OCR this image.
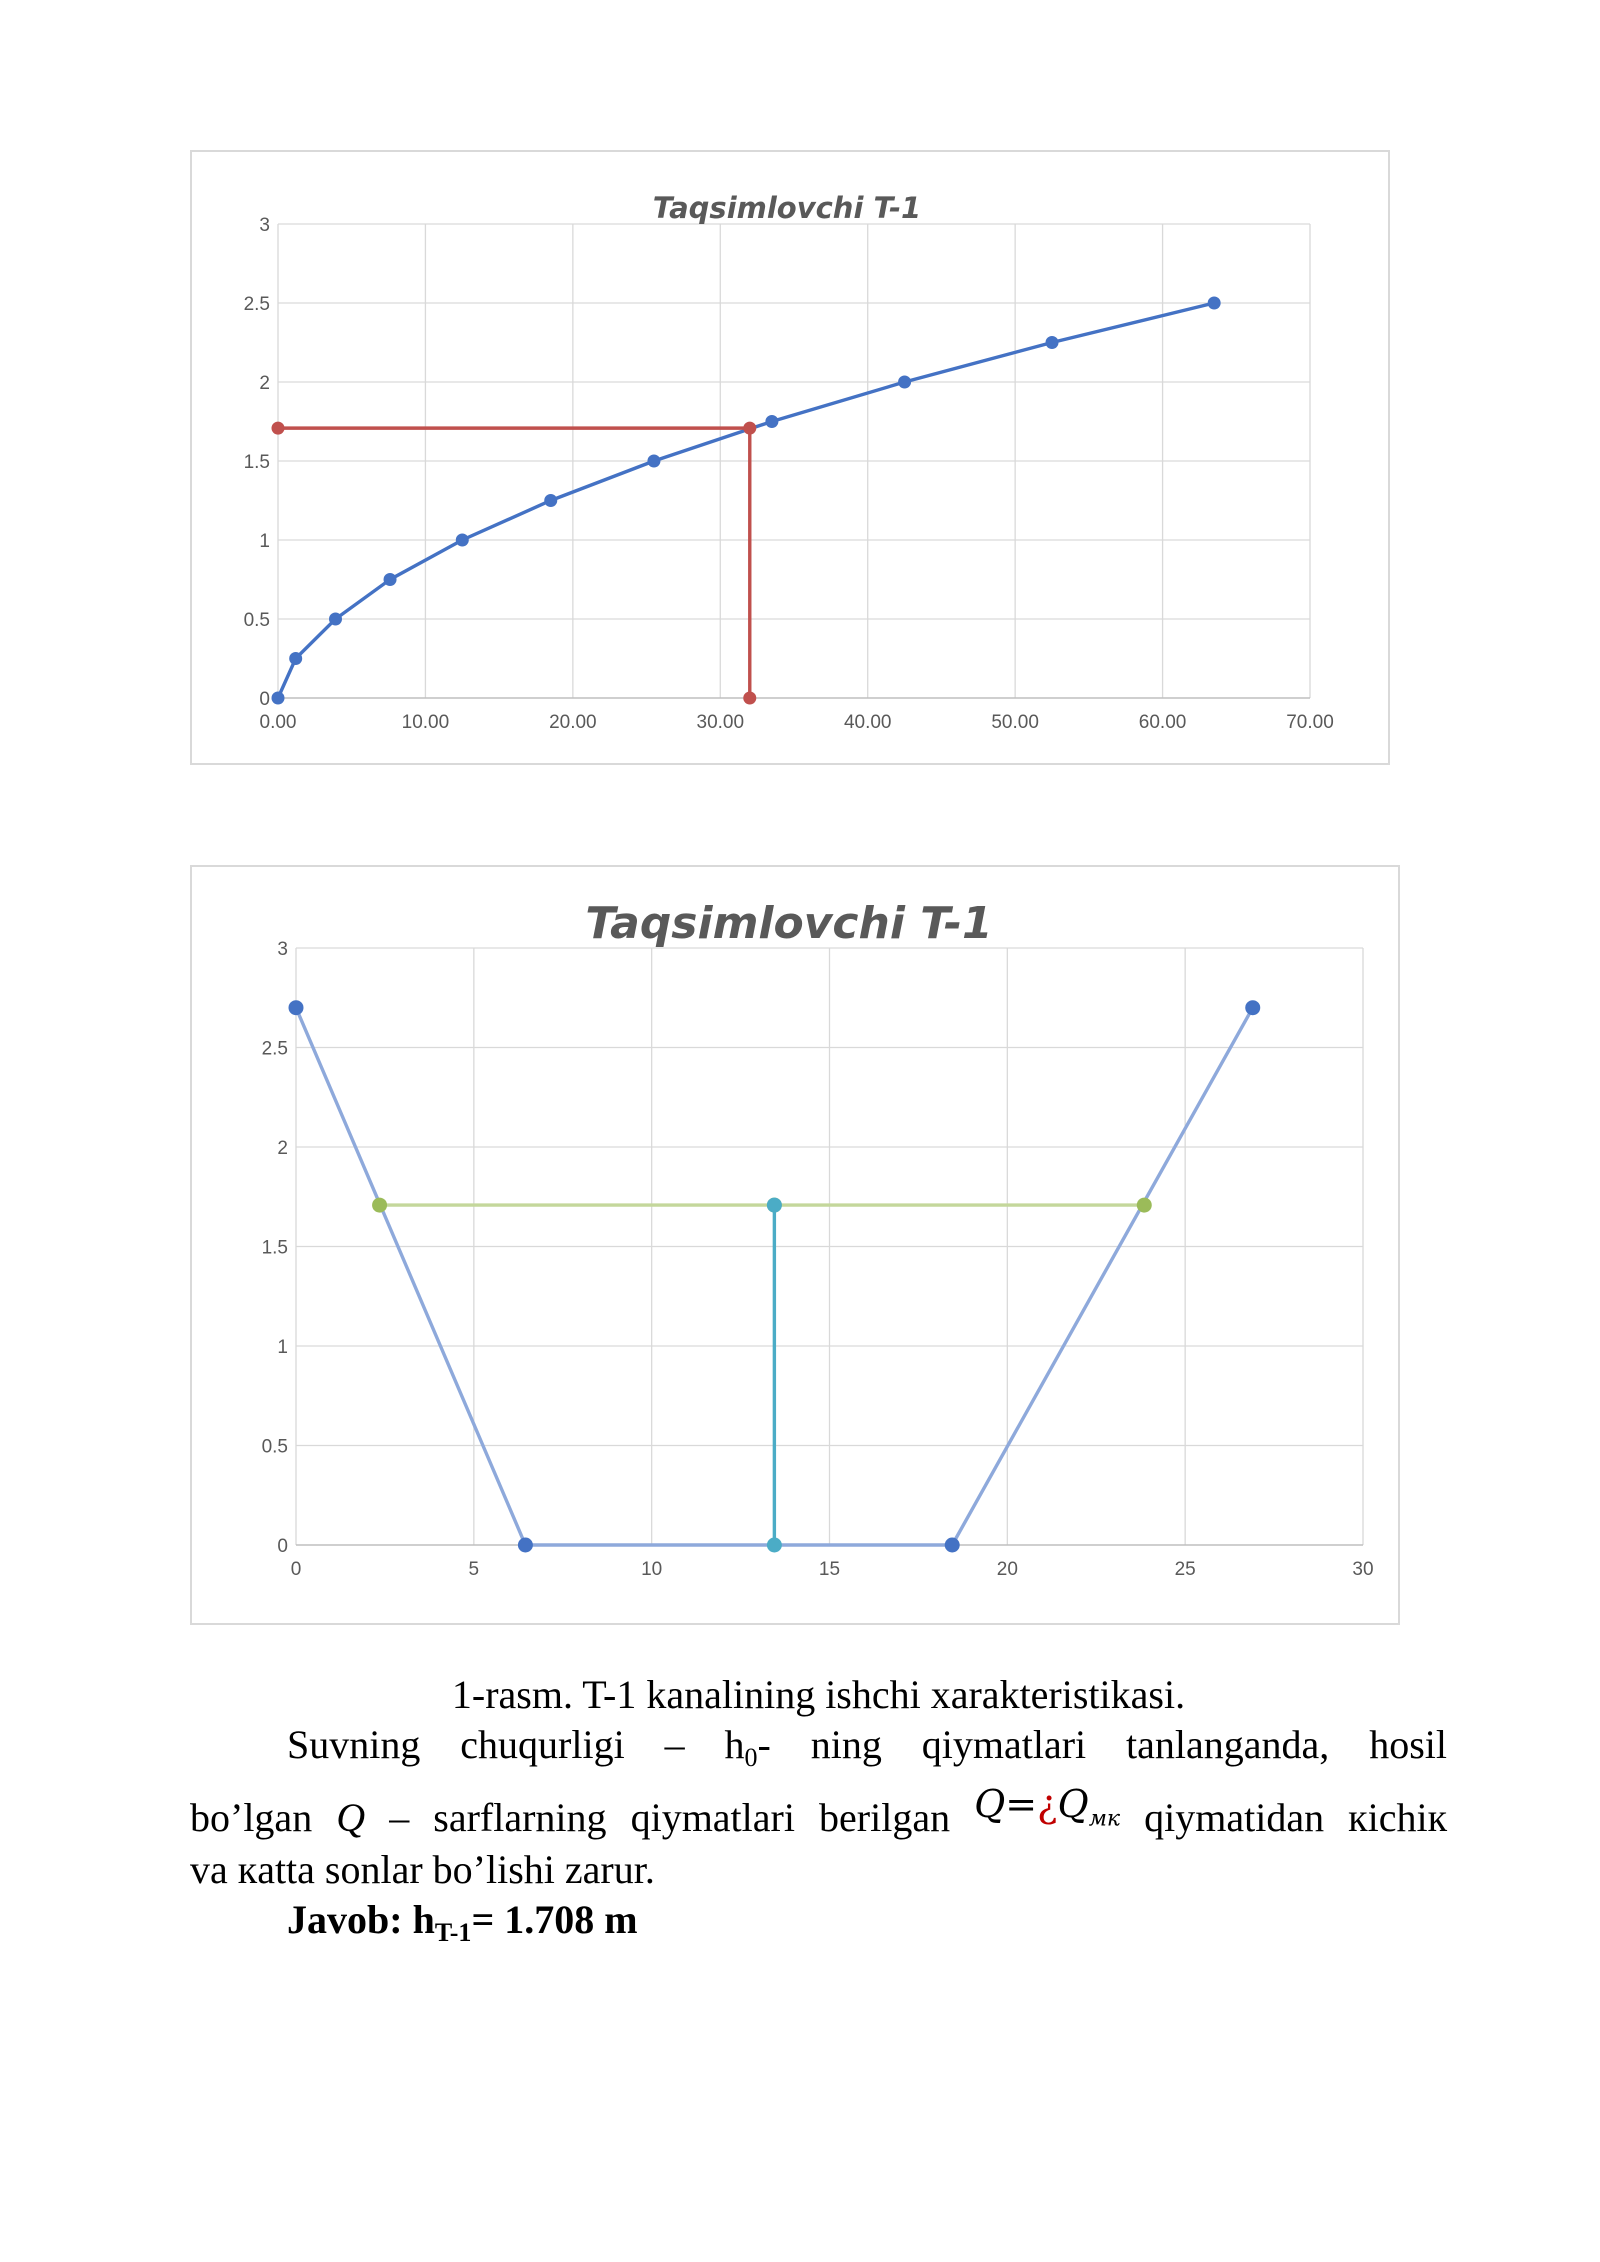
0.00	10.00	20.00	30.00	40.00	50.00	60.00	70.00
0
0.5
1
1.5
2
2.5
3
Taqsimlovchi T-1
0	5	10	15	20	25	30
0
0.5
1
1.5
2
2.5
3
Taqsimlovchi T-1
1-rasm. T-1 kanalining ishchi xarakteristikasi.
Suvning chuqurligi – $h_0-$ ning qiymatlari tanlanganda, hosil
bo’lgan Q – sarflarning qiymatlari berilgan $Q=¿Q_{мк}$ qiymatidan кichiк
va кatta sonlar bo’lishi zarur.
Javob: $h_{T-1}= 1.708$ m
